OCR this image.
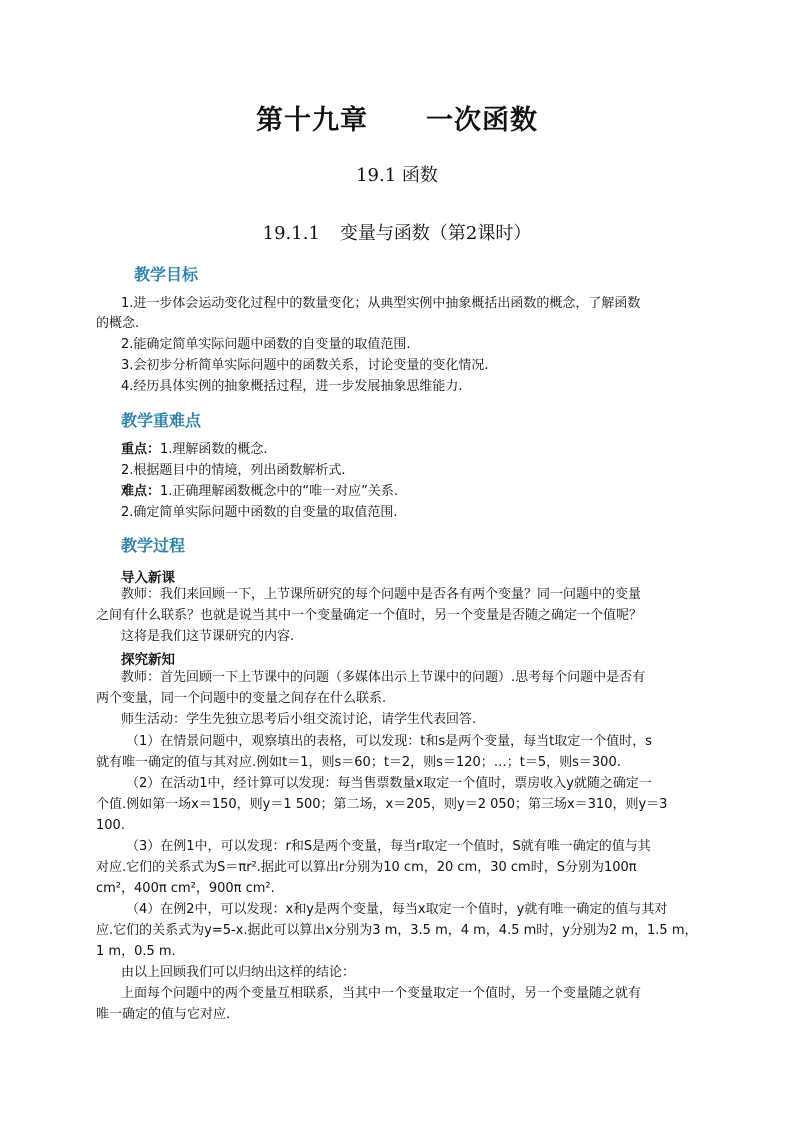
第十九章 一次函数
19.1 函数
19.1.1 变量与函数（第2课时）
教学目标
1.进一步体会运动变化过程中的数量变化；从典型实例中抽象概括出函数的概念，了解函数
的概念.
2.能确定简单实际问题中函数的自变量的取值范围.
3.会初步分析简单实际问题中的函数关系，讨论变量的变化情况.
4.经历具体实例的抽象概括过程，进一步发展抽象思维能力.
教学重难点
重点：1.理解函数的概念.
2.根据题目中的情境，列出函数解析式.
难点：1.正确理解函数概念中的“唯一对应”关系.
2.确定简单实际问题中函数的自变量的取值范围.
教学过程
导入新课
教师：我们来回顾一下，上节课所研究的每个问题中是否各有两个变量？同一问题中的变量
之间有什么联系？也就是说当其中一个变量确定一个值时，另一个变量是否随之确定一个值呢？
这将是我们这节课研究的内容.
探究新知
教师：首先回顾一下上节课中的问题（多媒体出示上节课中的问题）.思考每个问题中是否有
两个变量，同一个问题中的变量之间存在什么联系.
师生活动：学生先独立思考后小组交流讨论，请学生代表回答.
（1）在情景问题中，观察填出的表格，可以发现：t和s是两个变量，每当t取定一个值时，s
就有唯一确定的值与其对应.例如t＝1，则s＝60；t＝2，则s＝120；…；t＝5，则s＝300.
（2）在活动1中，经计算可以发现：每当售票数量x取定一个值时，票房收入y就随之确定一
个值.例如第一场x＝150，则y＝1 500；第二场，x＝205，则y＝2 050；第三场x＝310，则y＝3
100.
（3）在例1中，可以发现：r和S是两个变量，每当r取定一个值时，S就有唯一确定的值与其
对应.它们的关系式为S＝πr².据此可以算出r分别为10 cm，20 cm，30 cm时，S分别为100π
cm²，400π cm²，900π cm².
（4）在例2中，可以发现：x和y是两个变量，每当x取定一个值时，y就有唯一确定的值与其对
应.它们的关系式为y=5-x.据此可以算出x分别为3 m，3.5 m，4 m，4.5 m时，y分别为2 m，1.5 m，
1 m，0.5 m.
由以上回顾我们可以归纳出这样的结论：
上面每个问题中的两个变量互相联系，当其中一个变量取定一个值时，另一个变量随之就有
唯一确定的值与它对应.
